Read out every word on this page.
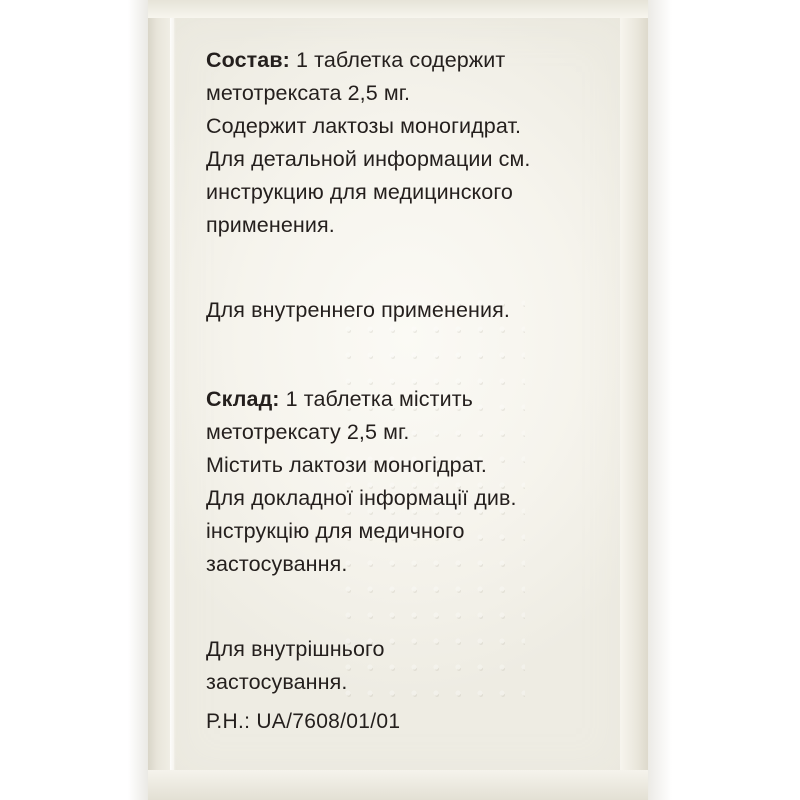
Состав: 1 таблетка содержит
метотрексата 2,5 мг.
Содержит лактозы моногидрат.
Для детальной информации см.
инструкцию для медицинского
применения.
Для внутреннего применения.
Склад: 1 таблетка містить
метотрексату 2,5 мг.
Містить лактози моногідрат.
Для докладної інформації див.
інструкцію для медичного
застосування.
Для внутрішнього
застосування.
Р.Н.: UA/7608/01/01
